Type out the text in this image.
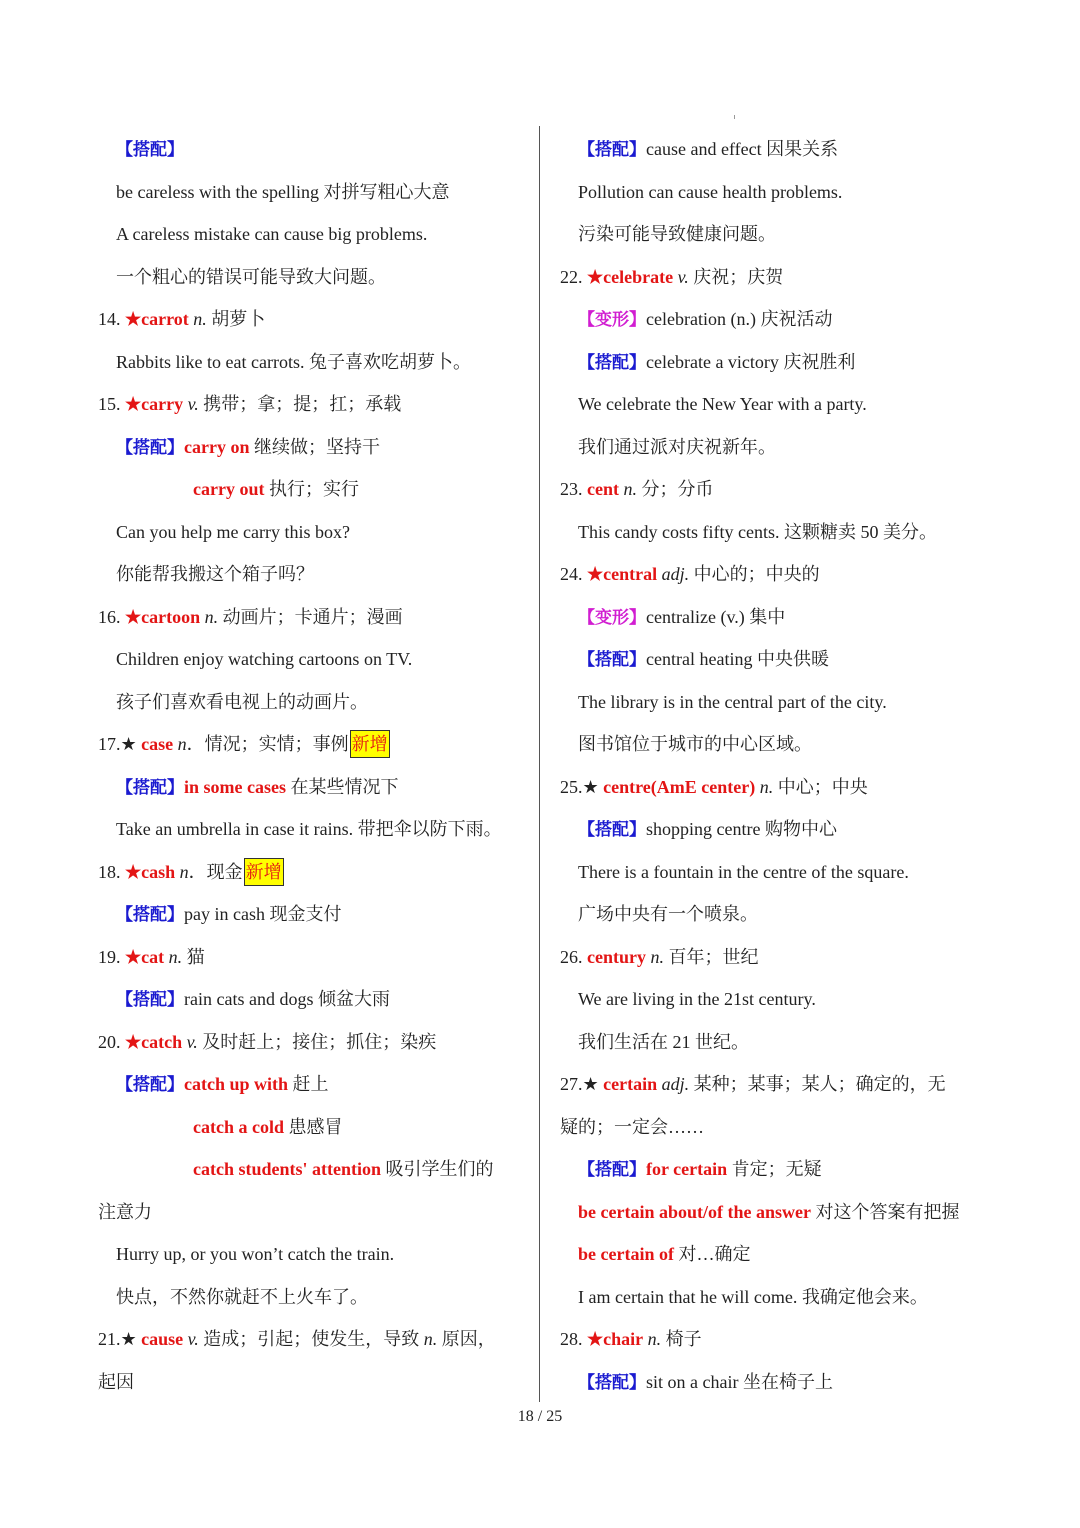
【搭配】
be careless with the spelling 对拼写粗心大意
A careless mistake can cause big problems.
一个粗心的错误可能导致大问题。
14. ★carrot n. 胡萝卜
Rabbits like to eat carrots. 兔子喜欢吃胡萝卜。
15. ★carry v. 携带；拿；提；扛；承载
【搭配】carry on 继续做；坚持干
carry out 执行；实行
Can you help me carry this box?
你能帮我搬这个箱子吗？
16. ★cartoon n. 动画片；卡通片；漫画
Children enjoy watching cartoons on TV.
孩子们喜欢看电视上的动画片。
17.★ case n．情况；实情；事例 新增
【搭配】in some cases 在某些情况下
Take an umbrella in case it rains. 带把伞以防下雨。
18. ★cash n．现金 新增
【搭配】pay in cash 现金支付
19. ★cat n. 猫
【搭配】rain cats and dogs 倾盆大雨
20. ★catch v. 及时赶上；接住；抓住；染疾
【搭配】catch up with 赶上
catch a cold 患感冒
catch students' attention 吸引学生们的
注意力
Hurry up, or you won’t catch the train.
快点，不然你就赶不上火车了。
21.★ cause v. 造成；引起；使发生，导致 n. 原因，
起因
【搭配】cause and effect 因果关系
Pollution can cause health problems.
污染可能导致健康问题。
22. ★celebrate v. 庆祝；庆贺
【变形】celebration (n.) 庆祝活动
【搭配】celebrate a victory 庆祝胜利
We celebrate the New Year with a party.
我们通过派对庆祝新年。
23. cent n. 分；分币
This candy costs fifty cents. 这颗糖卖 50 美分。
24. ★central adj. 中心的；中央的
【变形】centralize (v.) 集中
【搭配】central heating 中央供暖
The library is in the central part of the city.
图书馆位于城市的中心区域。
25.★ centre(AmE center) n. 中心；中央
【搭配】shopping centre 购物中心
There is a fountain in the centre of the square.
广场中央有一个喷泉。
26. century n. 百年；世纪
We are living in the 21st century.
我们生活在 21 世纪。
27.★ certain adj. 某种；某事；某人；确定的，无
疑的；一定会……
【搭配】for certain 肯定；无疑
be certain about/of the answer 对这个答案有把握
be certain of 对…确定
I am certain that he will come. 我确定他会来。
28. ★chair n. 椅子
【搭配】sit on a chair 坐在椅子上
18 / 25
